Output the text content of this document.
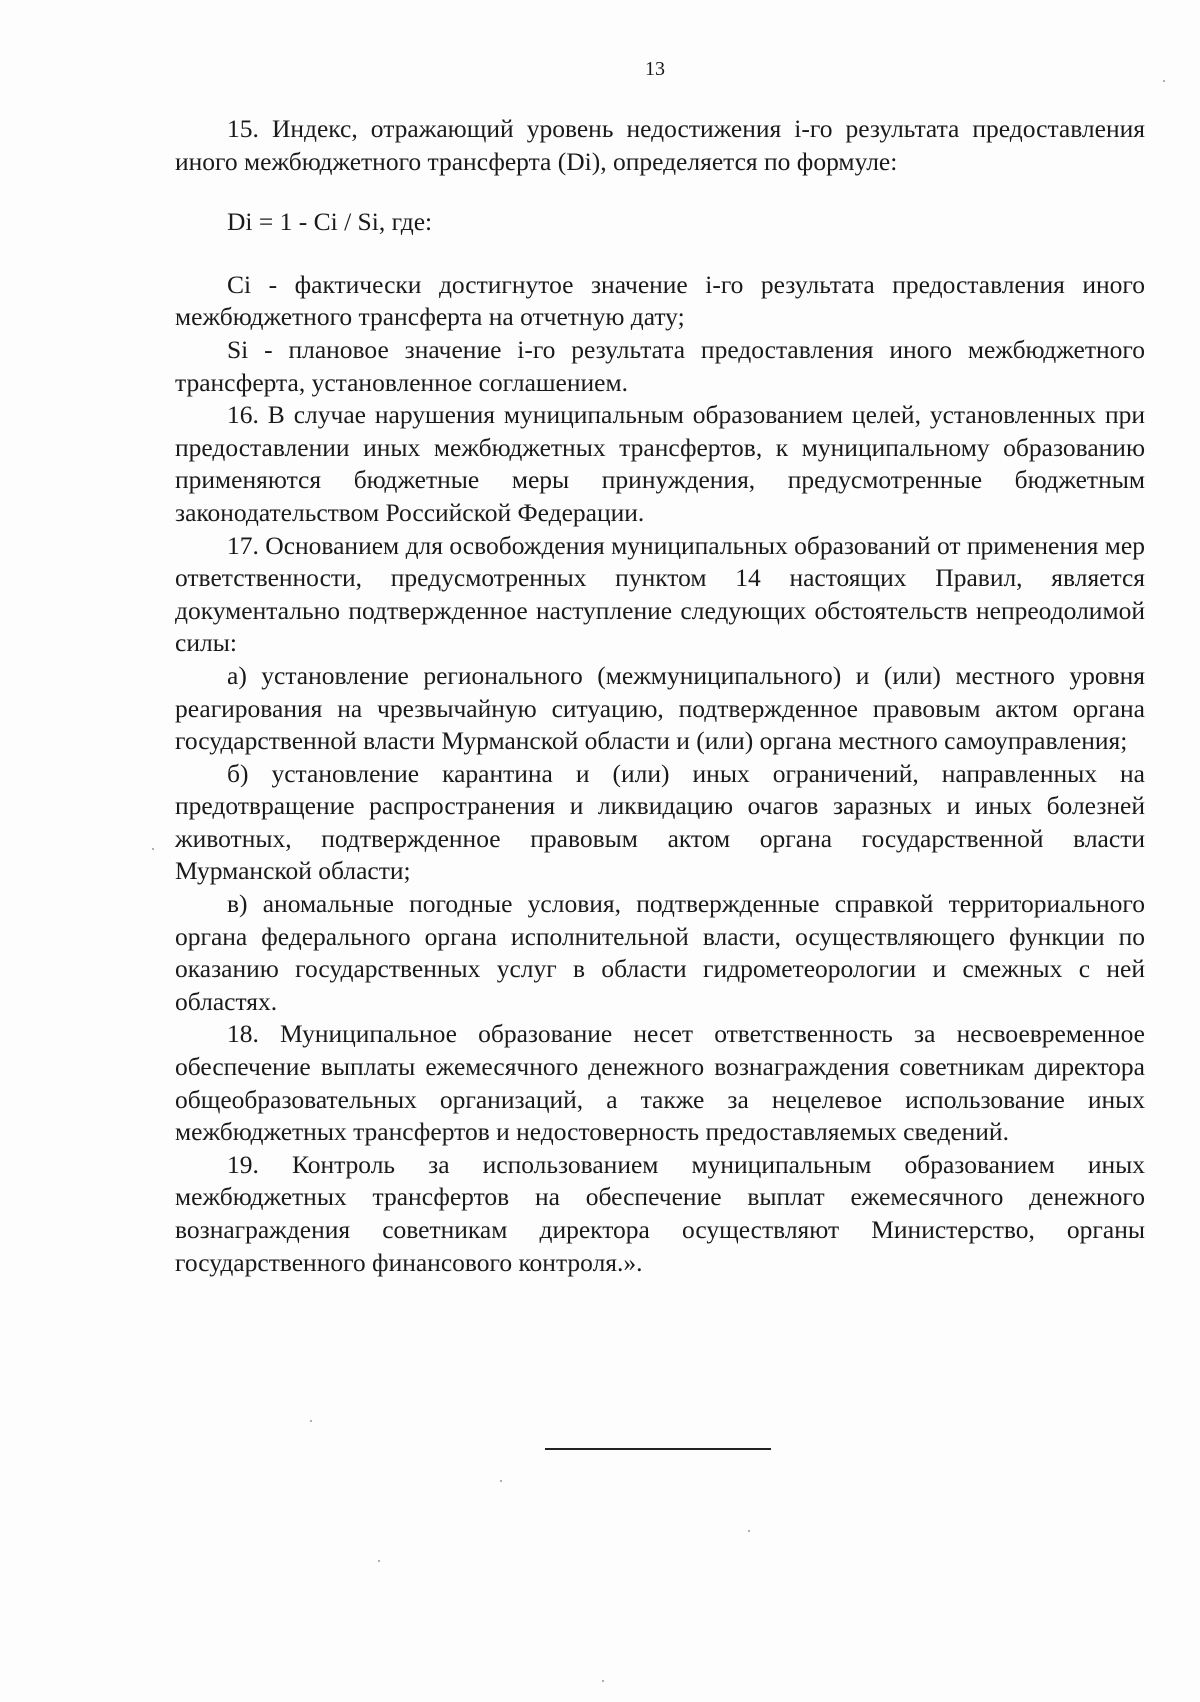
13

15. Индекс, отражающий уровень недостижения i-го результата предоставления иного межбюджетного трансферта (Di), определяется по формуле:

Di = 1 - Ci / Si, где:

Ci - фактически достигнутое значение i-го результата предоставления иного межбюджетного трансферта на отчетную дату;

Si - плановое значение i-го результата предоставления иного межбюджетного трансферта, установленное соглашением.

16. В случае нарушения муниципальным образованием целей, установленных при предоставлении иных межбюджетных трансфертов, к муниципальному образованию применяются бюджетные меры принуждения, предусмотренные бюджетным законодательством Российской Федерации.

17. Основанием для освобождения муниципальных образований от применения мер ответственности, предусмотренных пунктом 14 настоящих Правил, является документально подтвержденное наступление следующих обстоятельств непреодолимой силы:

а) установление регионального (межмуниципального) и (или) местного уровня реагирования на чрезвычайную ситуацию, подтвержденное правовым актом органа государственной власти Мурманской области и (или) органа местного самоуправления;

б) установление карантина и (или) иных ограничений, направленных на предотвращение распространения и ликвидацию очагов заразных и иных болезней животных, подтвержденное правовым актом органа государственной власти Мурманской области;

в) аномальные погодные условия, подтвержденные справкой территориального органа федерального органа исполнительной власти, осуществляющего функции по оказанию государственных услуг в области гидрометеорологии и смежных с ней областях.

18. Муниципальное образование несет ответственность за несвоевременное обеспечение выплаты ежемесячного денежного вознаграждения советникам директора общеобразовательных организаций, а также за нецелевое использование иных межбюджетных трансфертов и недостоверность предоставляемых сведений.

19. Контроль за использованием муниципальным образованием иных межбюджетных трансфертов на обеспечение выплат ежемесячного денежного вознаграждения советникам директора осуществляют Министерство, органы государственного финансового контроля.».
